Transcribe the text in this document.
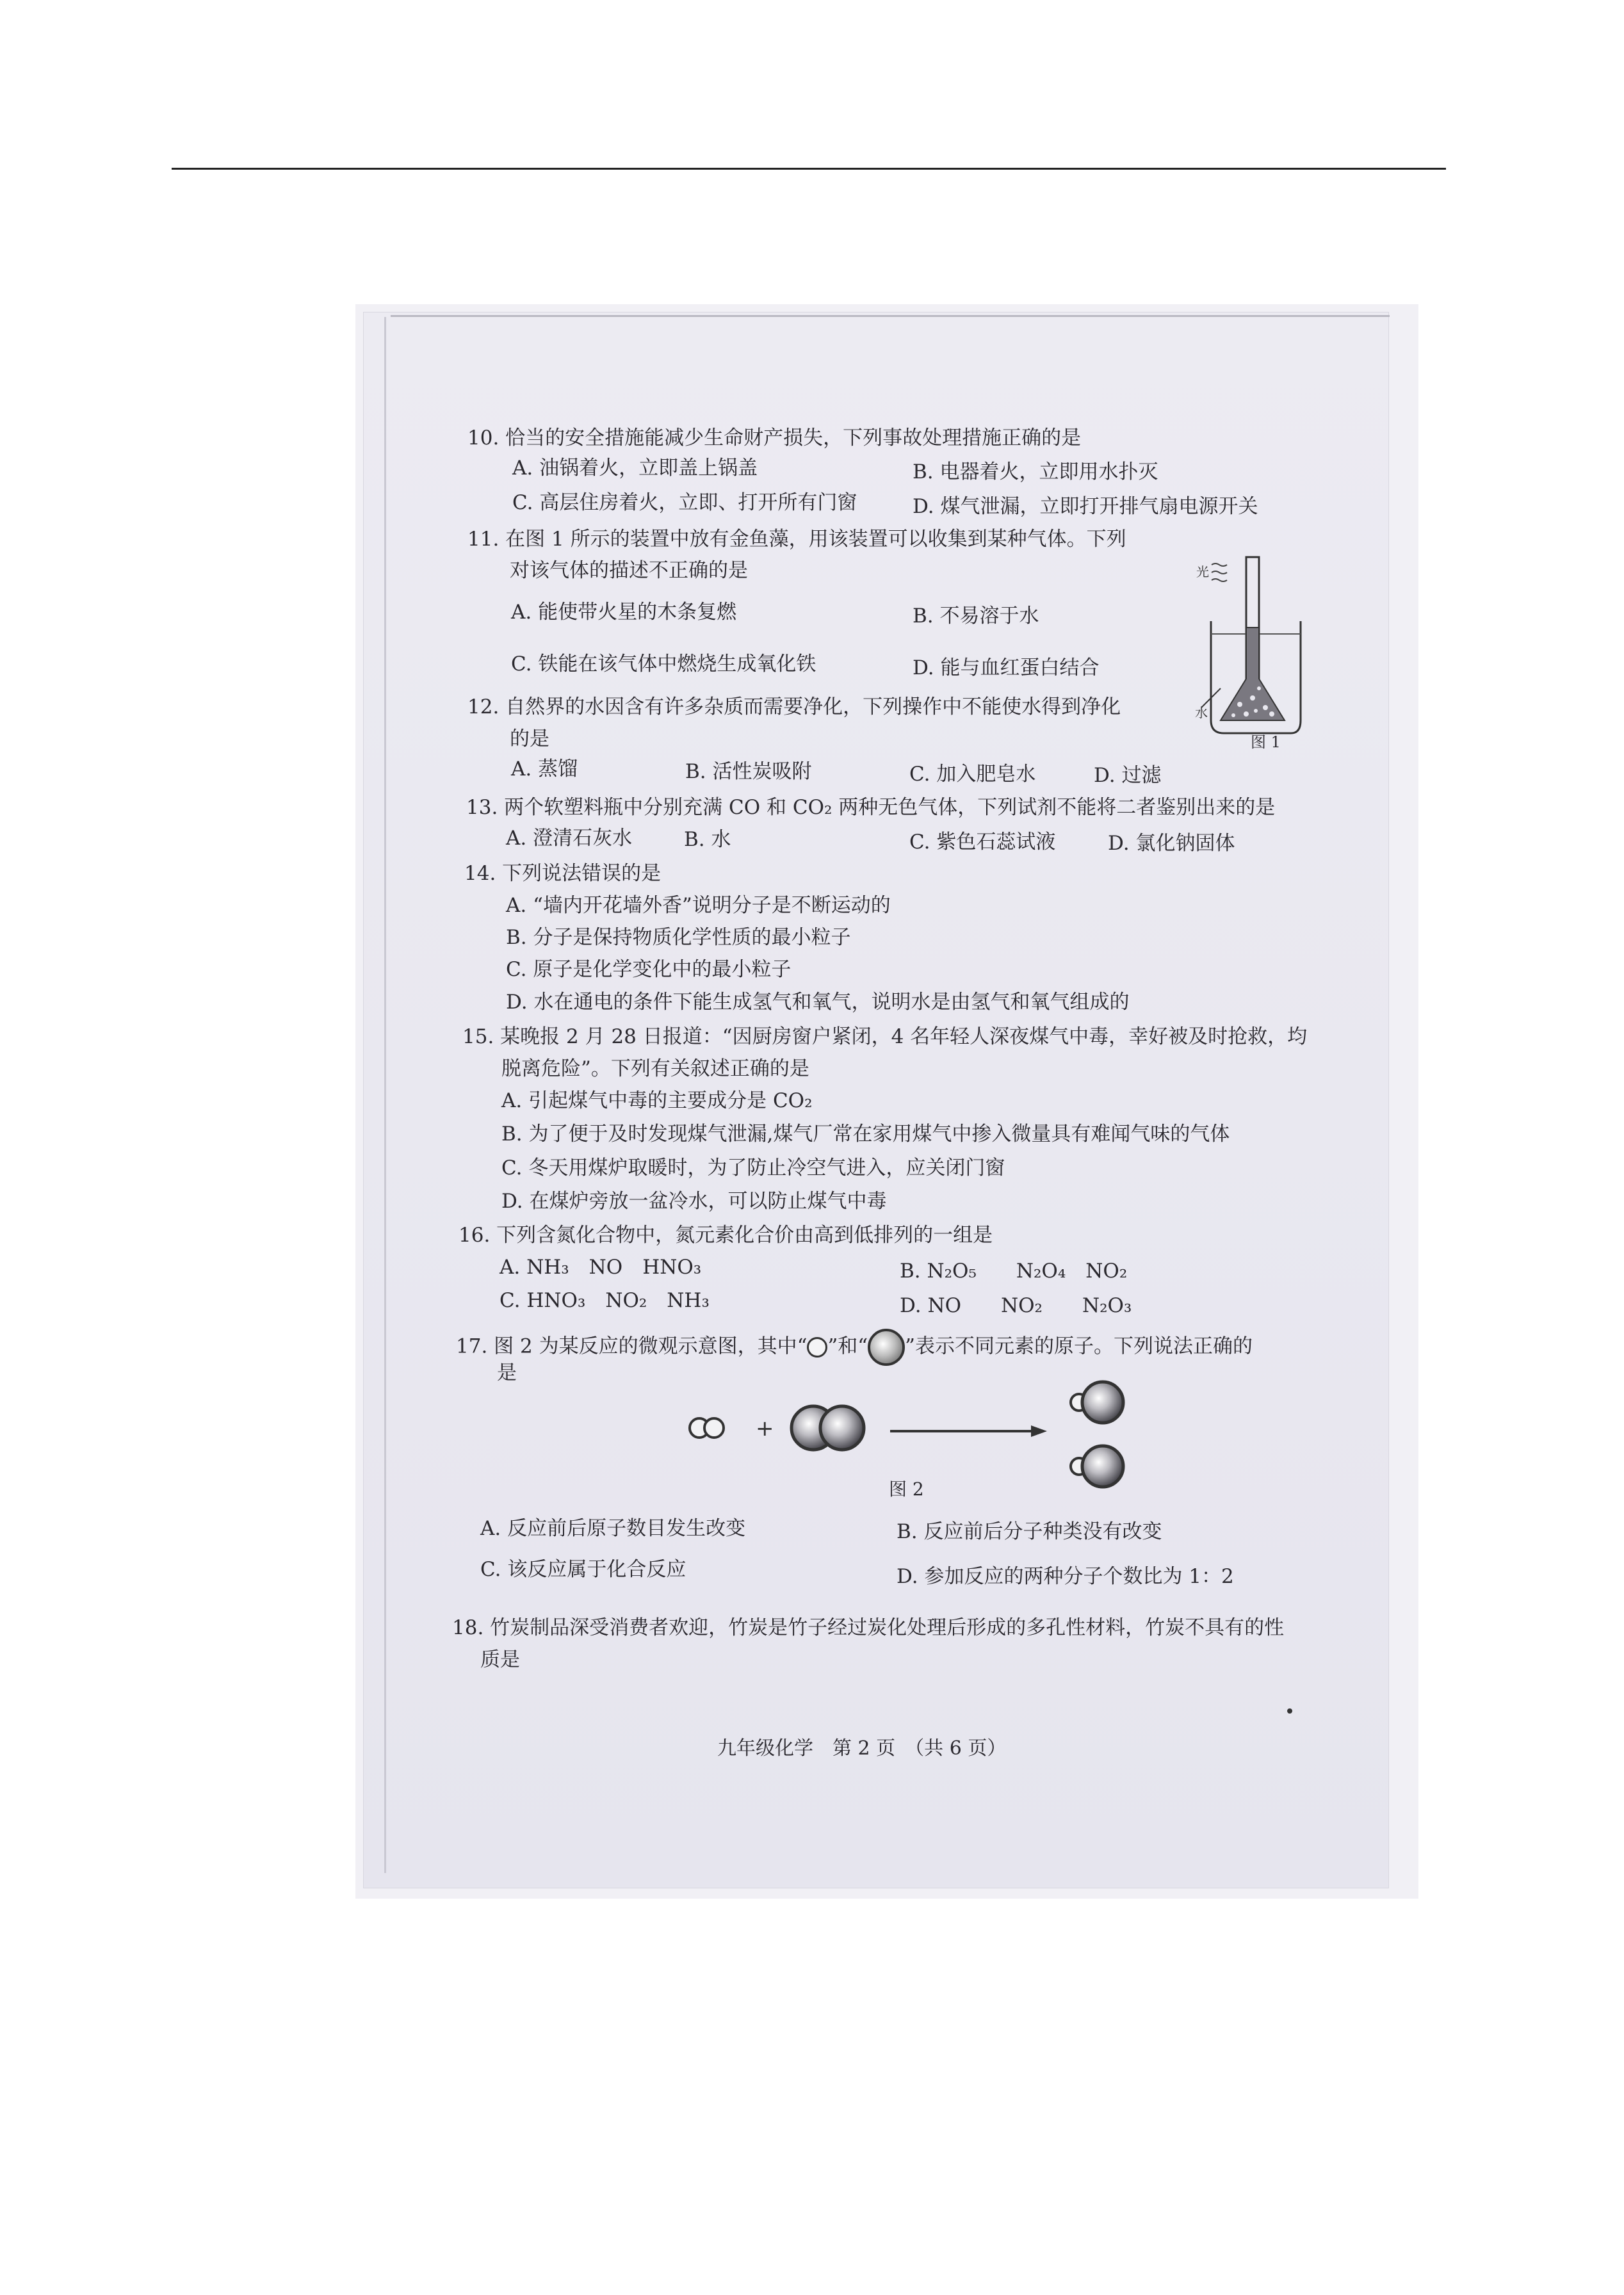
10. 恰当的安全措施能减少生命财产损失，下列事故处理措施正确的是
A. 油锅着火，立即盖上锅盖	B. 电器着火，立即用水扑灭
C. 高层住房着火，立即、打开所有门窗	D. 煤气泄漏，立即打开排气扇电源开关
11. 在图 1 所示的装置中放有金鱼藻，用该装置可以收集到某种气体。下列
对该气体的描述不正确的是
A. 能使带火星的木条复燃	B. 不易溶于水
C. 铁能在该气体中燃烧生成氧化铁	D. 能与血红蛋白结合
光
水
图 1
12. 自然界的水因含有许多杂质而需要净化，下列操作中不能使水得到净化
的是
A. 蒸馏	B. 活性炭吸附	C. 加入肥皂水	D. 过滤
13. 两个软塑料瓶中分别充满 CO 和 CO₂ 两种无色气体，下列试剂不能将二者鉴别出来的是
A. 澄清石灰水	B. 水	C. 紫色石蕊试液	D. 氯化钠固体
14. 下列说法错误的是
A. “墙内开花墙外香”说明分子是不断运动的
B. 分子是保持物质化学性质的最小粒子
C. 原子是化学变化中的最小粒子
D. 水在通电的条件下能生成氢气和氧气，说明水是由氢气和氧气组成的
15. 某晚报 2 月 28 日报道：“因厨房窗户紧闭，4 名年轻人深夜煤气中毒，幸好被及时抢救，均
脱离危险”。下列有关叙述正确的是
A. 引起煤气中毒的主要成分是 CO₂
B. 为了便于及时发现煤气泄漏,煤气厂常在家用煤气中掺入微量具有难闻气味的气体
C. 冬天用煤炉取暖时，为了防止冷空气进入，应关闭门窗
D. 在煤炉旁放一盆冷水，可以防止煤气中毒
16. 下列含氮化合物中，氮元素化合价由高到低排列的一组是
A. NH₃　NO　HNO₃	B. N₂O₅　　N₂O₄　NO₂
C. HNO₃　NO₂　NH₃	D. NO　　NO₂　　N₂O₃
17. 图 2 为某反应的微观示意图，其中“ ”和“ ”表示不同元素的原子。下列说法正确的
是
+
图 2
A. 反应前后原子数目发生改变	B. 反应前后分子种类没有改变
C. 该反应属于化合反应	D. 参加反应的两种分子个数比为 1：2
18. 竹炭制品深受消费者欢迎，竹炭是竹子经过炭化处理后形成的多孔性材料，竹炭不具有的性
质是
九年级化学　第 2 页　（共 6 页）
